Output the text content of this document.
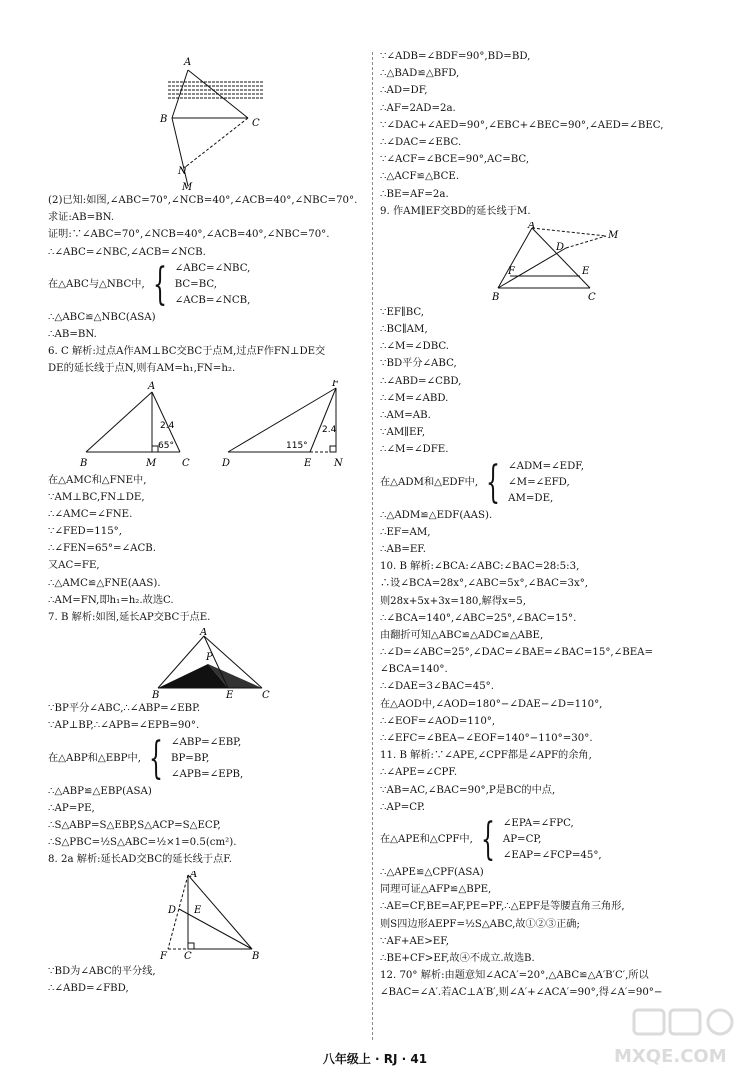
A
B	C
N
M
(2)已知:如图,∠ABC=70°,∠NCB=40°,∠ACB=40°,∠NBC=70°.
求证:AB=BN.
证明:∵∠ABC=70°,∠NCB=40°,∠ACB=40°,∠NBC=70°.
∴∠ABC=∠NBC,∠ACB=∠NCB.
在△ABC与△NBC中, { ∠ABC=∠NBC,
BC=BC,
∠ACB=∠NCB,
∴△ABC≌△NBC(ASA)
∴AB=BN.
6. C 解析:过点A作AM⊥BC交BC于点M,过点F作FN⊥DE交
DE的延长线于点N,则有AM=h₁,FN=h₂.
A
B	M	C
F
D	E N
2.4
65°
2.4
115°
在△AMC和△FNE中,
∵AM⊥BC,FN⊥DE,
∴∠AMC=∠FNE.
∵∠FED=115°,
∴∠FEN=65°=∠ACB.
又AC=FE,
∴△AMC≌△FNE(AAS).
∴AM=FN,即h₁=h₂.故选C.
7. B 解析:如图,延长AP交BC于点E.
A
P
B	E	C
∵BP平分∠ABC,∴∠ABP=∠EBP.
∵AP⊥BP,∴∠APB=∠EPB=90°.
在△ABP和△EBP中, { ∠ABP=∠EBP,
BP=BP,
∠APB=∠EPB,
∴△ABP≌△EBP(ASA)
∴AP=PE,
∴S△ABP=S△EBP,S△ACP=S△ECP,
∴S△PBC=½S△ABC=½×1=0.5(cm²).
8. 2a 解析:延长AD交BC的延长线于点F.
A
D E
F C	B
∵BD为∠ABC的平分线,
∴∠ABD=∠FBD,
∵∠ADB=∠BDF=90°,BD=BD,
∴△BAD≌△BFD,
∴AD=DF,
∴AF=2AD=2a.
∵∠DAC+∠AED=90°,∠EBC+∠BEC=90°,∠AED=∠BEC,
∴∠DAC=∠EBC.
∵∠ACF=∠BCE=90°,AC=BC,
∴△ACF≌△BCE.
∴BE=AF=2a.
9. 作AM∥EF交BD的延长线于M.
A
D
M
F	E
B	C
∵EF∥BC,
∴BC∥AM,
∴∠M=∠DBC.
∵BD平分∠ABC,
∴∠ABD=∠CBD,
∴∠M=∠ABD.
∴AM=AB.
∵AM∥EF,
∴∠M=∠DFE.
在△ADM和△EDF中, { ∠ADM=∠EDF,
∠M=∠EFD,
AM=DE,
∴△ADM≌△EDF(AAS).
∴EF=AM,
∴AB=EF.
10. B 解析:∠BCA:∠ABC:∠BAC=28:5:3,
∴设∠BCA=28x°,∠ABC=5x°,∠BAC=3x°,
则28x+5x+3x=180,解得x=5,
∴∠BCA=140°,∠ABC=25°,∠BAC=15°.
由翻折可知△ABC≌△ADC≌△ABE,
∴∠D=∠ABC=25°,∠DAC=∠BAE=∠BAC=15°,∠BEA=
∠BCA=140°.
∴∠DAE=3∠BAC=45°.
在△AOD中,∠AOD=180°−∠DAE−∠D=110°,
∴∠EOF=∠AOD=110°,
∴∠EFC=∠BEA−∠EOF=140°−110°=30°.
11. B 解析:∵∠APE,∠CPF都是∠APF的余角,
∴∠APE=∠CPF.
∵AB=AC,∠BAC=90°,P是BC的中点,
∴AP=CP.
在△APE和△CPF中, { ∠EPA=∠FPC,
AP=CP,
∠EAP=∠FCP=45°,
∴△APE≌△CPF(ASA)
同理可证△AFP≌△BPE,
∴AE=CF,BE=AF,PE=PF,∴△EPF是等腰直角三角形,
则S四边形AEPF=½S△ABC,故①②③正确;
∵AF+AE>EF,
∴BE+CF>EF,故④不成立.故选B.
12. 70° 解析:由题意知∠ACA′=20°,△ABC≌△A′B′C′,所以
∠BAC=∠A′.若AC⊥A′B′,则∠A′+∠ACA′=90°,得∠A′=90°−
八年级上 · RJ · 41	MXQE.COM
